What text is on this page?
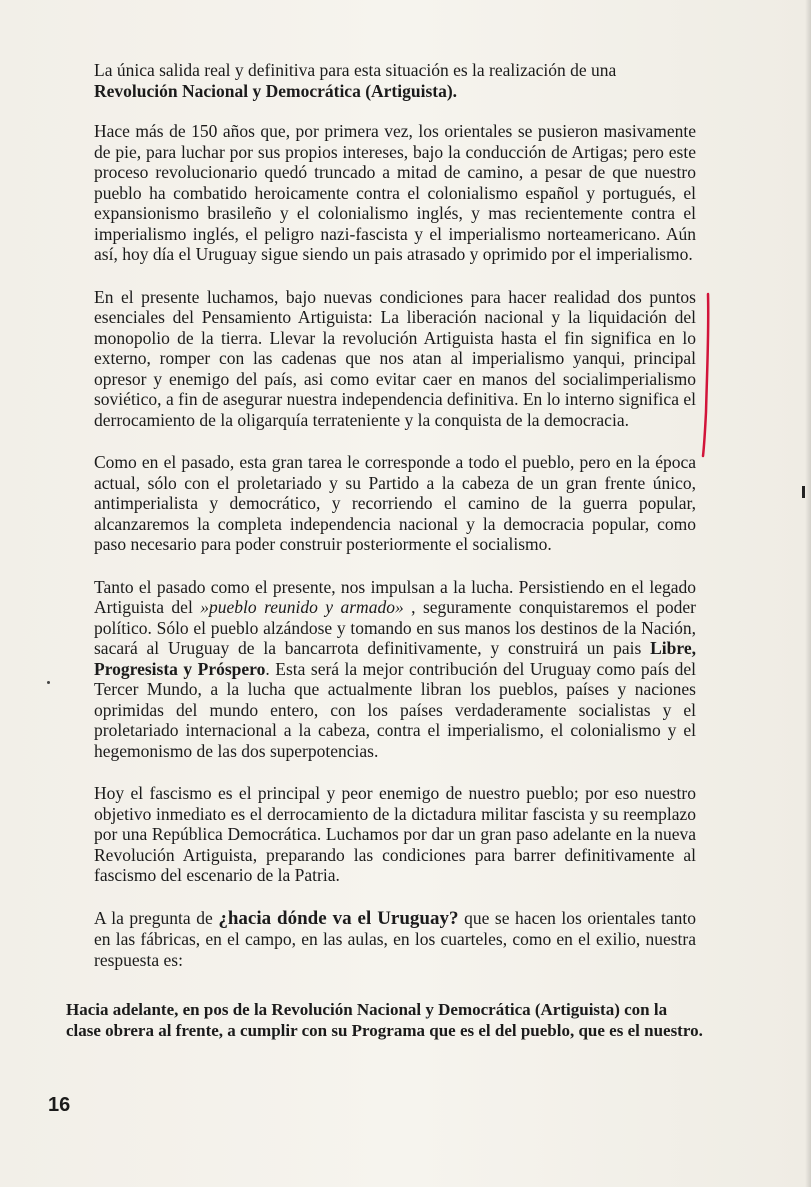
La única salida real y definitiva para esta situación es la realización de una
Revolución Nacional y Democrática (Artiguista).

Hace más de 150 años que, por primera vez, los orientales se pusieron masivamente de pie, para luchar por sus propios intereses, bajo la conducción de Artigas; pero este proceso revolucionario quedó truncado a mitad de camino, a pesar de que nuestro pueblo ha combatido heroicamente contra el colonialismo español y portugués, el expansionismo brasileño y el colonialismo inglés, y mas recientemente contra el imperialismo inglés, el peligro nazi-fascista y el imperialismo norteamericano. Aún así, hoy día el Uruguay sigue siendo un pais atrasado y oprimido por el imperialismo.

En el presente luchamos, bajo nuevas condiciones para hacer realidad dos puntos esenciales del Pensamiento Artiguista: La liberación nacional y la liquidación del monopolio de la tierra. Llevar la revolución Artiguista hasta el fin significa en lo externo, romper con las cadenas que nos atan al imperialismo yanqui, principal opresor y enemigo del país, asi como evitar caer en manos del socialimperialismo soviético, a fin de asegurar nuestra independencia definitiva. En lo interno significa el derrocamiento de la oligarquía terrateniente y la conquista de la democracia.

Como en el pasado, esta gran tarea le corresponde a todo el pueblo, pero en la época actual, sólo con el proletariado y su Partido a la cabeza de un gran frente único, antimperialista y democrático, y recorriendo el camino de la guerra popular, alcanzaremos la completa independencia nacional y la democracia popular, como paso necesario para poder construir posteriormente el socialismo.

Tanto el pasado como el presente, nos impulsan a la lucha. Persistiendo en el legado Artiguista del »pueblo reunido y armado» , seguramente conquistaremos el poder político. Sólo el pueblo alzándose y tomando en sus manos los destinos de la Nación, sacará al Uruguay de la bancarrota definitivamente, y construirá un pais Libre, Progresista y Próspero. Esta será la mejor contribución del Uruguay como país del Tercer Mundo, a la lucha que actualmente libran los pueblos, países y naciones oprimidas del mundo entero, con los países verdaderamente socialistas y el proletariado internacional a la cabeza, contra el imperialismo, el colonialismo y el hegemonismo de las dos superpotencias.

Hoy el fascismo es el principal y peor enemigo de nuestro pueblo; por eso nuestro objetivo inmediato es el derrocamiento de la dictadura militar fascista y su reemplazo por una República Democrática. Luchamos por dar un gran paso adelante en la nueva Revolución Artiguista, preparando las condiciones para barrer definitivamente al fascismo del escenario de la Patria.

A la pregunta de ¿hacia dónde va el Uruguay? que se hacen los orientales tanto en las fábricas, en el campo, en las aulas, en los cuarteles, como en el exilio, nuestra respuesta es:

Hacia adelante, en pos de la Revolución Nacional y Democrática (Artiguista) con la clase obrera al frente, a cumplir con su Programa que es el del pueblo, que es el nuestro.
16
